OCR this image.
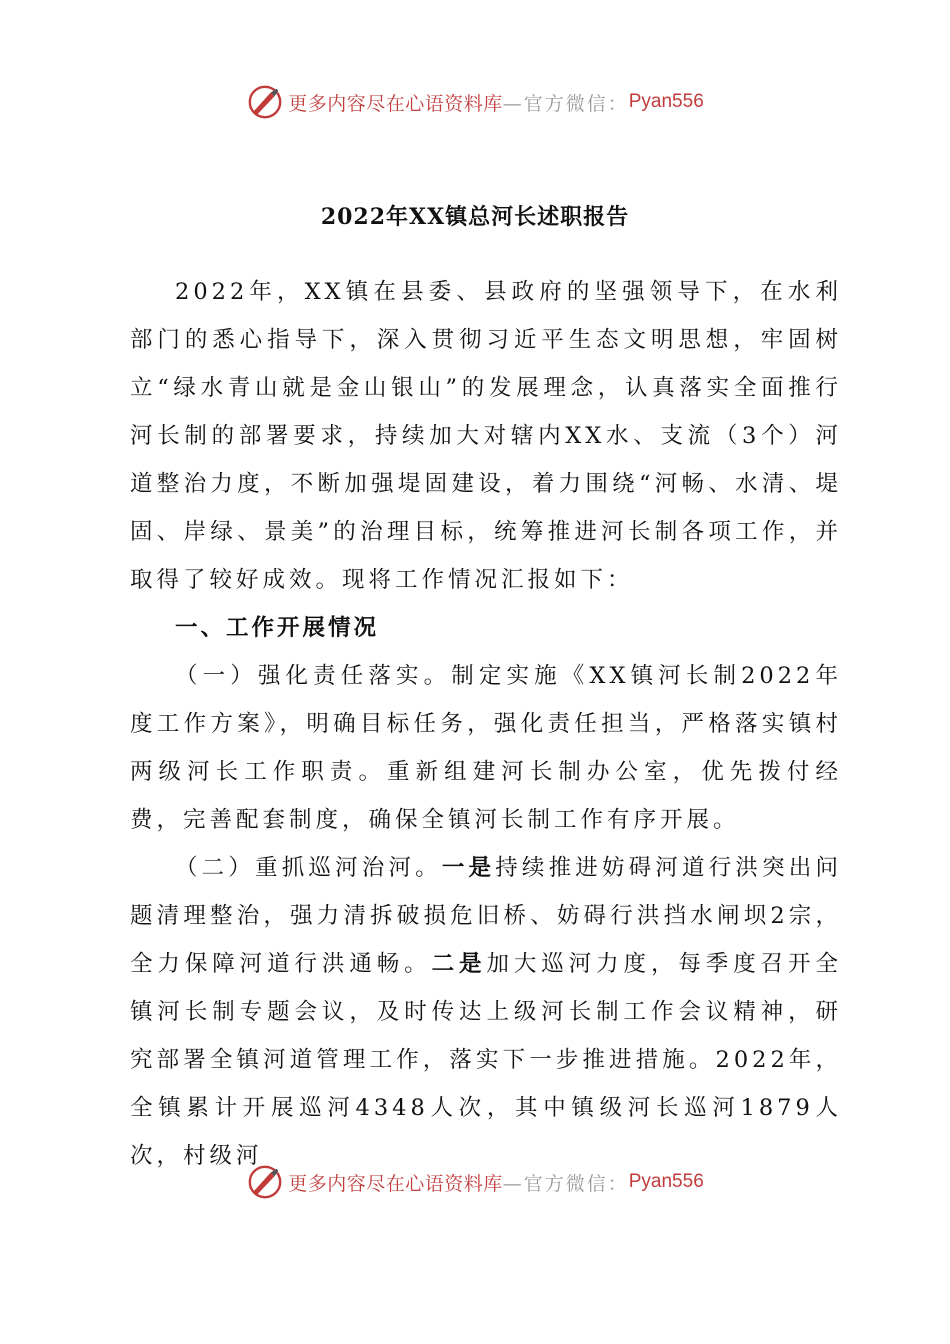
更多内容尽在心语资料库 —官方微信： Pyan556
2022年XX镇总河长述职报告

2022年，XX镇在县委、县政府的坚强领导下，在水利部门的悉心指导下，深入贯彻习近平生态文明思想，牢固树立“绿水青山就是金山银山”的发展理念，认真落实全面推行河长制的部署要求，持续加大对辖内XX水、支流（3个）河道整治力度，不断加强堤固建设，着力围绕“河畅、水清、堤固、岸绿、景美”的治理目标，统筹推进河长制各项工作，并取得了较好成效。现将工作情况汇报如下：

一、工作开展情况

（一）强化责任落实。制定实施《XX镇河长制2022年度工作方案》，明确目标任务，强化责任担当，严格落实镇村两级河长工作职责。重新组建河长制办公室，优先拨付经费，完善配套制度，确保全镇河长制工作有序开展。

（二）重抓巡河治河。一是持续推进妨碍河道行洪突出问题清理整治，强力清拆破损危旧桥、妨碍行洪挡水闸坝2宗，全力保障河道行洪通畅。二是加大巡河力度，每季度召开全镇河长制专题会议，及时传达上级河长制工作会议精神，研究部署全镇河道管理工作，落实下一步推进措施。2022年，全镇累计开展巡河4348人次，其中镇级河长巡河1879人次，村级河

更多内容尽在心语资料库 —官方微信： Pyan556
